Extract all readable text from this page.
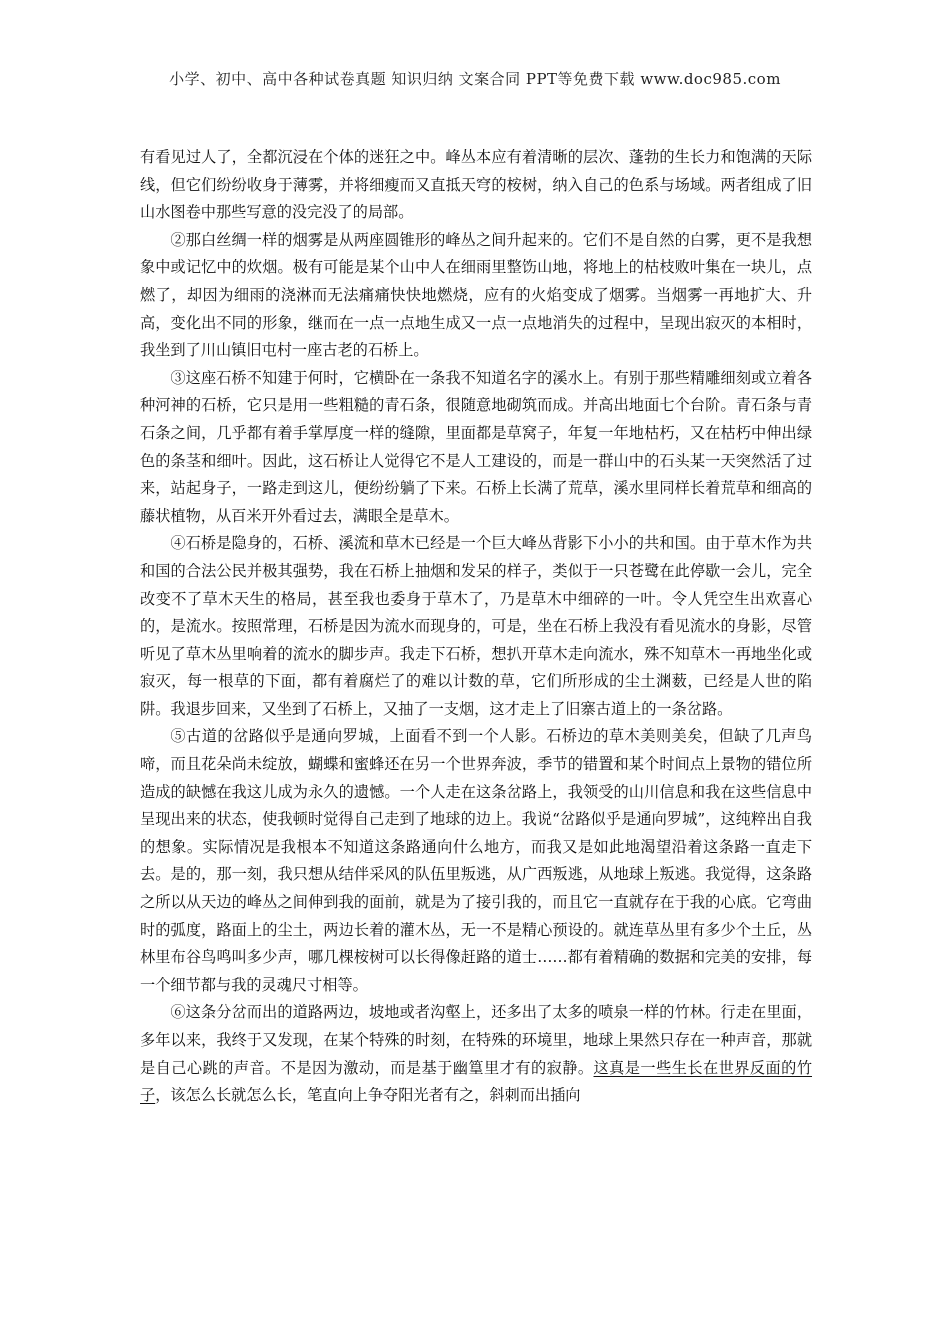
小学、初中、高中各种试卷真题 知识归纳 文案合同 PPT等免费下载 www.doc985.com

有看见过人了，全都沉浸在个体的迷狂之中。峰丛本应有着清晰的层次、蓬勃的生长力和饱满的天际线，但它们纷纷收身于薄雾，并将细瘦而又直抵天穹的桉树，纳入自己的色系与场域。两者组成了旧山水图卷中那些写意的没完没了的局部。

②那白丝绸一样的烟雾是从两座圆锥形的峰丛之间升起来的。它们不是自然的白雾，更不是我想象中或记忆中的炊烟。极有可能是某个山中人在细雨里整饬山地，将地上的枯枝败叶集在一块儿，点燃了，却因为细雨的浇淋而无法痛痛快快地燃烧，应有的火焰变成了烟雾。当烟雾一再地扩大、升高，变化出不同的形象，继而在一点一点地生成又一点一点地消失的过程中，呈现出寂灭的本相时，我坐到了川山镇旧屯村一座古老的石桥上。

③这座石桥不知建于何时，它横卧在一条我不知道名字的溪水上。有别于那些精雕细刻或立着各种河神的石桥，它只是用一些粗糙的青石条，很随意地砌筑而成。并高出地面七个台阶。青石条与青石条之间，几乎都有着手掌厚度一样的缝隙，里面都是草窝子，年复一年地枯朽，又在枯朽中伸出绿色的条茎和细叶。因此，这石桥让人觉得它不是人工建设的，而是一群山中的石头某一天突然活了过来，站起身子，一路走到这儿，便纷纷躺了下来。石桥上长满了荒草，溪水里同样长着荒草和细高的藤状植物，从百米开外看过去，满眼全是草木。

④石桥是隐身的，石桥、溪流和草木已经是一个巨大峰丛背影下小小的共和国。由于草木作为共和国的合法公民并极其强势，我在石桥上抽烟和发呆的样子，类似于一只苍鹭在此停歇一会儿，完全改变不了草木天生的格局，甚至我也委身于草木了，乃是草木中细碎的一叶。令人凭空生出欢喜心的，是流水。按照常理，石桥是因为流水而现身的，可是，坐在石桥上我没有看见流水的身影，尽管听见了草木丛里响着的流水的脚步声。我走下石桥，想扒开草木走向流水，殊不知草木一再地坐化或寂灭，每一根草的下面，都有着腐烂了的难以计数的草，它们所形成的尘土渊薮，已经是人世的陷阱。我退步回来，又坐到了石桥上，又抽了一支烟，这才走上了旧寨古道上的一条岔路。

⑤古道的岔路似乎是通向罗城，上面看不到一个人影。石桥边的草木美则美矣，但缺了几声鸟啼，而且花朵尚未绽放，蝴蝶和蜜蜂还在另一个世界奔波，季节的错置和某个时间点上景物的错位所造成的缺憾在我这儿成为永久的遗憾。一个人走在这条岔路上，我领受的山川信息和我在这些信息中呈现出来的状态，使我顿时觉得自己走到了地球的边上。我说“岔路似乎是通向罗城”，这纯粹出自我的想象。实际情况是我根本不知道这条路通向什么地方，而我又是如此地渴望沿着这条路一直走下去。是的，那一刻，我只想从结伴采风的队伍里叛逃，从广西叛逃，从地球上叛逃。我觉得，这条路之所以从天边的峰丛之间伸到我的面前，就是为了接引我的，而且它一直就存在于我的心底。它弯曲时的弧度，路面上的尘土，两边长着的灌木丛，无一不是精心预设的。就连草丛里有多少个土丘，丛林里布谷鸟鸣叫多少声，哪几棵桉树可以长得像赶路的道士……都有着精确的数据和完美的安排，每一个细节都与我的灵魂尺寸相等。

⑥这条分岔而出的道路两边，坡地或者沟壑上，还多出了太多的喷泉一样的竹林。行走在里面，多年以来，我终于又发现，在某个特殊的时刻，在特殊的环境里，地球上果然只存在一种声音，那就是自己心跳的声音。不是因为激动，而是基于幽篁里才有的寂静。这真是一些生长在世界反面的竹子，该怎么长就怎么长，笔直向上争夺阳光者有之，斜刺而出插向
